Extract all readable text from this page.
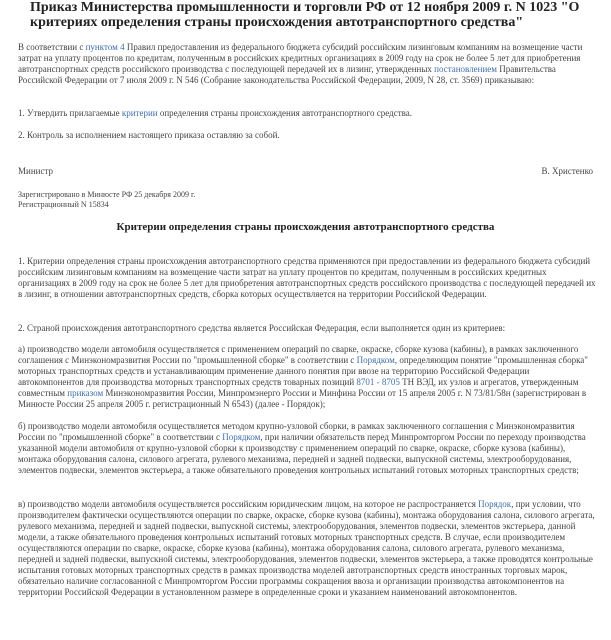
Приказ Министерства промышленности и торговли РФ от 12 ноября 2009 г. N 1023 "О критериях определения страны происхождения автотранспортного средства"
В соответствии с пунктом 4 Правил предоставления из федерального бюджета субсидий российским лизинговым компаниям на возмещение части затрат на уплату процентов по кредитам, полученным в российских кредитных организациях в 2009 году на срок не более 5 лет для приобретения автотранспортных средств российского производства с последующей передачей их в лизинг, утвержденных постановлением Правительства Российской Федерации от 7 июля 2009 г. N 546 (Собрание законодательства Российской Федерации, 2009, N 28, ст. 3569) приказываю:
1. Утвердить прилагаемые критерии определения страны происхождения автотранспортного средства.
2. Контроль за исполнением настоящего приказа оставляю за собой.
Министр	В. Христенко
Зарегистрировано в Минюсте РФ 25 декабря 2009 г.
Регистрационный N 15834
Критерии определения страны происхождения автотранспортного средства
1. Критерии определения страны происхождения автотранспортного средства применяются при предоставлении из федерального бюджета субсидий российским лизинговым компаниям на возмещение части затрат на уплату процентов по кредитам, полученным в российских кредитных организациях в 2009 году на срок не более 5 лет для приобретения автотранспортных средств российского производства с последующей передачей их в лизинг, в отношении автотранспортных средств, сборка которых осуществляется на территории Российской Федерации.
2. Страной происхождения автотранспортного средства является Российская Федерация, если выполняется один из критериев:
а) производство модели автомобиля осуществляется с применением операций по сварке, окраске, сборке кузова (кабины), в рамках заключенного соглашения с Минэкономразвития России по "промышленной сборке" в соответствии с Порядком, определяющим понятие "промышленная сборка" моторных транспортных средств и устанавливающим применение данного понятия при ввозе на территорию Российской Федерации автокомпонентов для производства моторных транспортных средств товарных позиций 8701 - 8705 ТН ВЭД, их узлов и агрегатов, утвержденным совместным приказом Минэкономразвития России, Минпромэнерго России и Минфина России от 15 апреля 2005 г. N 73/81/58н (зарегистрирован в Минюсте России 25 апреля 2005 г. регистрационный N 6543) (далее - Порядок);
б) производство модели автомобиля осуществляется методом крупно-узловой сборки, в рамках заключенного соглашения с Минэкономразвития России по "промышленной сборке" в соответствии с Порядком, при наличии обязательств перед Минпромторгом России по переходу производства указанной модели автомобиля от крупно-узловой сборки к производству с применением операций по сварке, окраске, сборке кузова (кабины), монтажа оборудования салона, силового агрегата, рулевого механизма, передней и задней подвески, выпускной системы, электрооборудования, элементов подвески, элементов экстерьера, а также обязательного проведения контрольных испытаний готовых моторных транспортных средств;
в) производство модели автомобиля осуществляется российским юридическим лицом, на которое не распространяется Порядок, при условии, что производителем фактически осуществляются операции по сварке, окраске, сборке кузова (кабины), монтажа оборудования салона, силового агрегата, рулевого механизма, передней и задней подвески, выпускной системы, электрооборудования, элементов подвески, элементов экстерьера, данной модели, а также обязательного проведения контрольных испытаний готовых моторных транспортных средств. В случае, если производителем осуществляются операции по сварке, окраске, сборке кузова (кабины), монтажа оборудования салона, силового агрегата, рулевого механизма, передней и задней подвески, выпускной системы, электрооборудования, элементов подвески, элементов экстерьера, а также проводятся контрольные испытания готовых моторных транспортных средств в рамках производства моделей автотранспортных средств иностранных торговых марок, обязательно наличие согласованной с Минпромторгом России программы сокращения ввоза и организации производства автокомпонентов на территории Российской Федерации в установленном размере в определенные сроки и указанием наименований автокомпонентов.
